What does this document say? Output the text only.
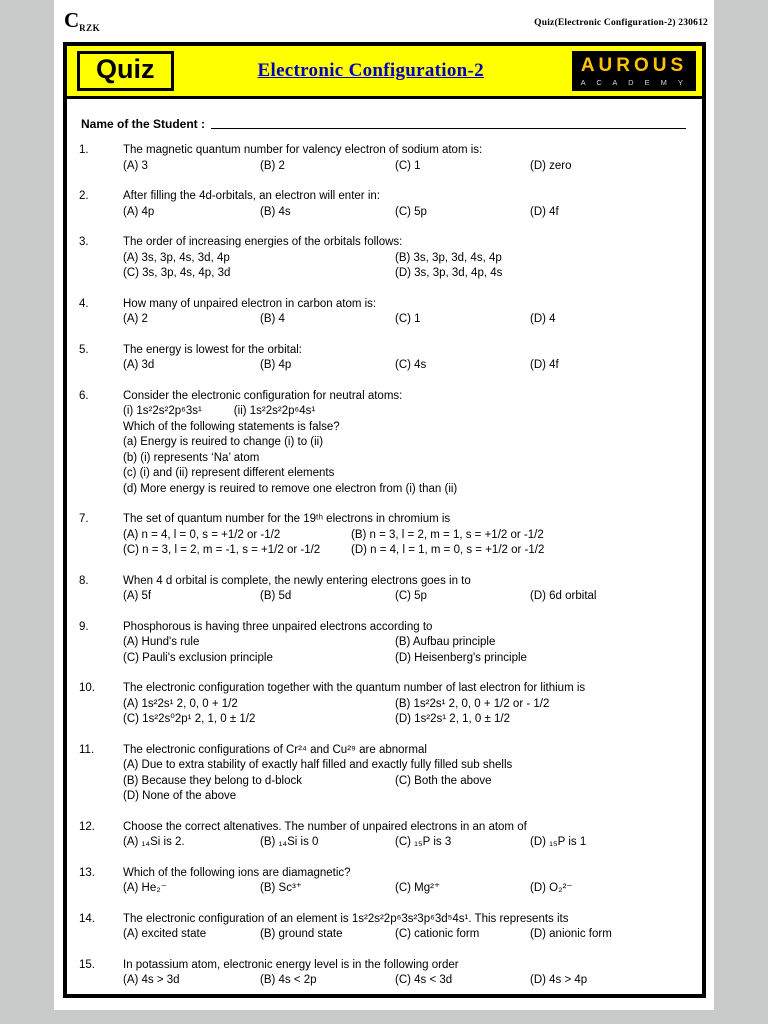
$C_{RZK}$	Quiz(Electronic Configuration-2) 230612
Quiz	Electronic Configuration-2	AUROUS
A C A D E M Y
Name of the Student :
1.	The magnetic quantum number for valency electron of sodium atom is:
(A) 3	(B) 2	(C) 1	(D) zero
2.	After filling the 4d-orbitals, an electron will enter in:
(A) 4p	(B) 4s	(C) 5p	(D) 4f
3.	The order of increasing energies of the orbitals follows:
(A) 3s, 3p, 4s, 3d, 4p	(B) 3s, 3p, 3d, 4s, 4p
(C) 3s, 3p, 4s, 4p, 3d	(D) 3s, 3p, 3d, 4p, 4s
4.	How many of unpaired electron in carbon atom is:
(A) 2	(B) 4	(C) 1	(D) 4
5.	The energy is lowest for the orbital:
(A) 3d	(B) 4p	(C) 4s	(D) 4f
6.	Consider the electronic configuration for neutral atoms:
(i) 1s²2s²2p⁶3s¹          (ii) 1s²2s²2p⁶4s¹
Which of the following statements is false?
(a) Energy is reuired to change (i) to (ii)
(b) (i) represents ‘Na’ atom
(c) (i) and (ii) represent different elements
(d) More energy is reuired to remove one electron from (i) than (ii)
7.	The set of quantum number for the 19ᵗʰ electrons in chromium is
(A) n = 4, l = 0, s = +1/2 or -1/2	(B) n = 3, l = 2, m = 1, s = +1/2 or -1/2
(C) n = 3, l = 2, m = -1, s = +1/2 or -1/2	(D) n = 4, l = 1, m = 0, s = +1/2 or -1/2
8.	When 4 d orbital is complete, the newly entering electrons goes in to
(A) 5f	(B) 5d	(C) 5p	(D) 6d orbital
9.	Phosphorous is having three unpaired electrons according to
(A) Hund's rule	(B) Aufbau principle
(C) Pauli's exclusion principle	(D) Heisenberg's principle
10.	The electronic configuration together with the quantum number of last electron for lithium is
(A) 1s²2s¹ 2, 0, 0 + 1/2	(B) 1s²2s¹ 2, 0, 0 + 1/2 or - 1/2
(C) 1s²2s⁰2p¹ 2, 1, 0 ± 1/2	(D) 1s²2s¹ 2, 1, 0 ± 1/2
11.	The electronic configurations of Cr²⁴ and Cu²⁹ are abnormal
(A) Due to extra stability of exactly half filled and exactly fully filled sub shells
(B) Because they belong to d-block	(C) Both the above
(D) None of the above
12.	Choose the correct altenatives. The number of unpaired electrons in an atom of
(A) ₁₄Si is 2.	(B) ₁₄Si is 0	(C) ₁₅P is 3	(D) ₁₅P is 1
13.	Which of the following ions are diamagnetic?
(A) He₂⁻	(B) Sc³⁺	(C) Mg²⁺	(D) O₂²⁻
14.	The electronic configuration of an element is 1s²2s²2p⁶3s²3p⁶3d⁵4s¹. This represents its
(A) excited state	(B) ground state	(C) cationic form	(D) anionic form
15.	In potassium atom, electronic energy level is in the following order
(A) 4s > 3d	(B) 4s < 2p	(C) 4s < 3d	(D) 4s > 4p
